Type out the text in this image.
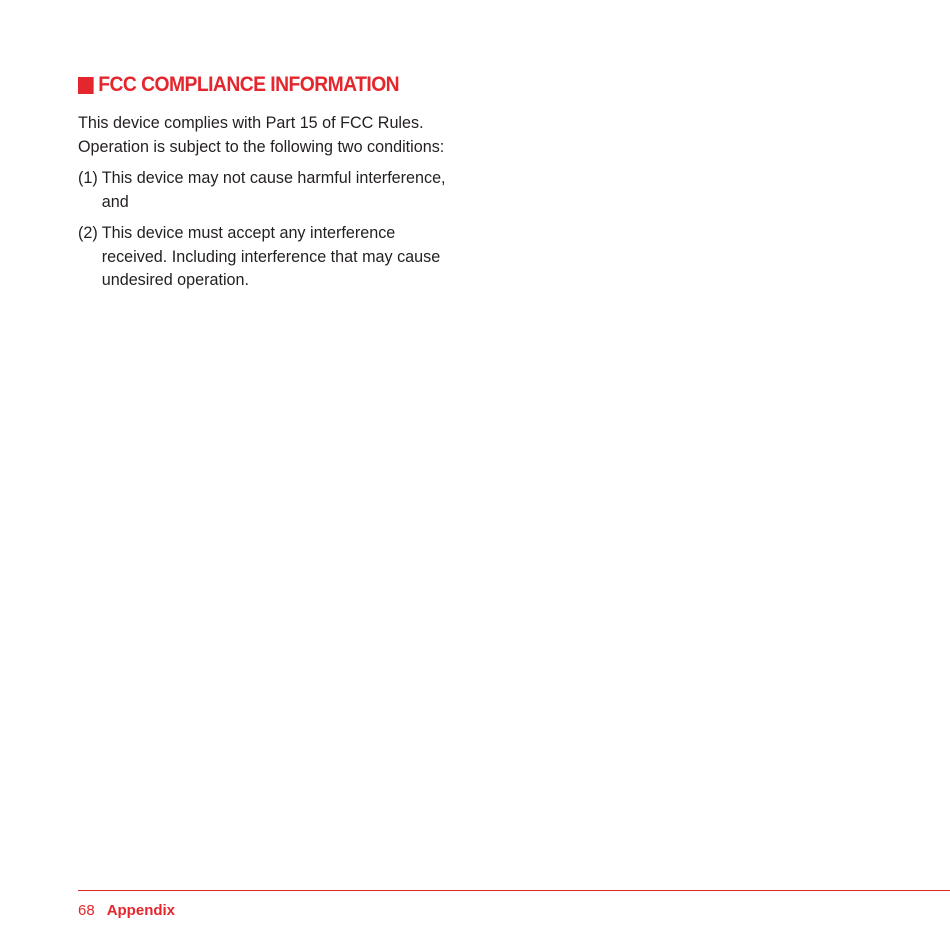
FCC COMPLIANCE INFORMATION

This device complies with Part 15 of FCC Rules. Operation is subject to the following two conditions:

(1) This device may not cause harmful interference, and
(2) This device must accept any interference received. Including interference that may cause undesired operation.
68 Appendix
